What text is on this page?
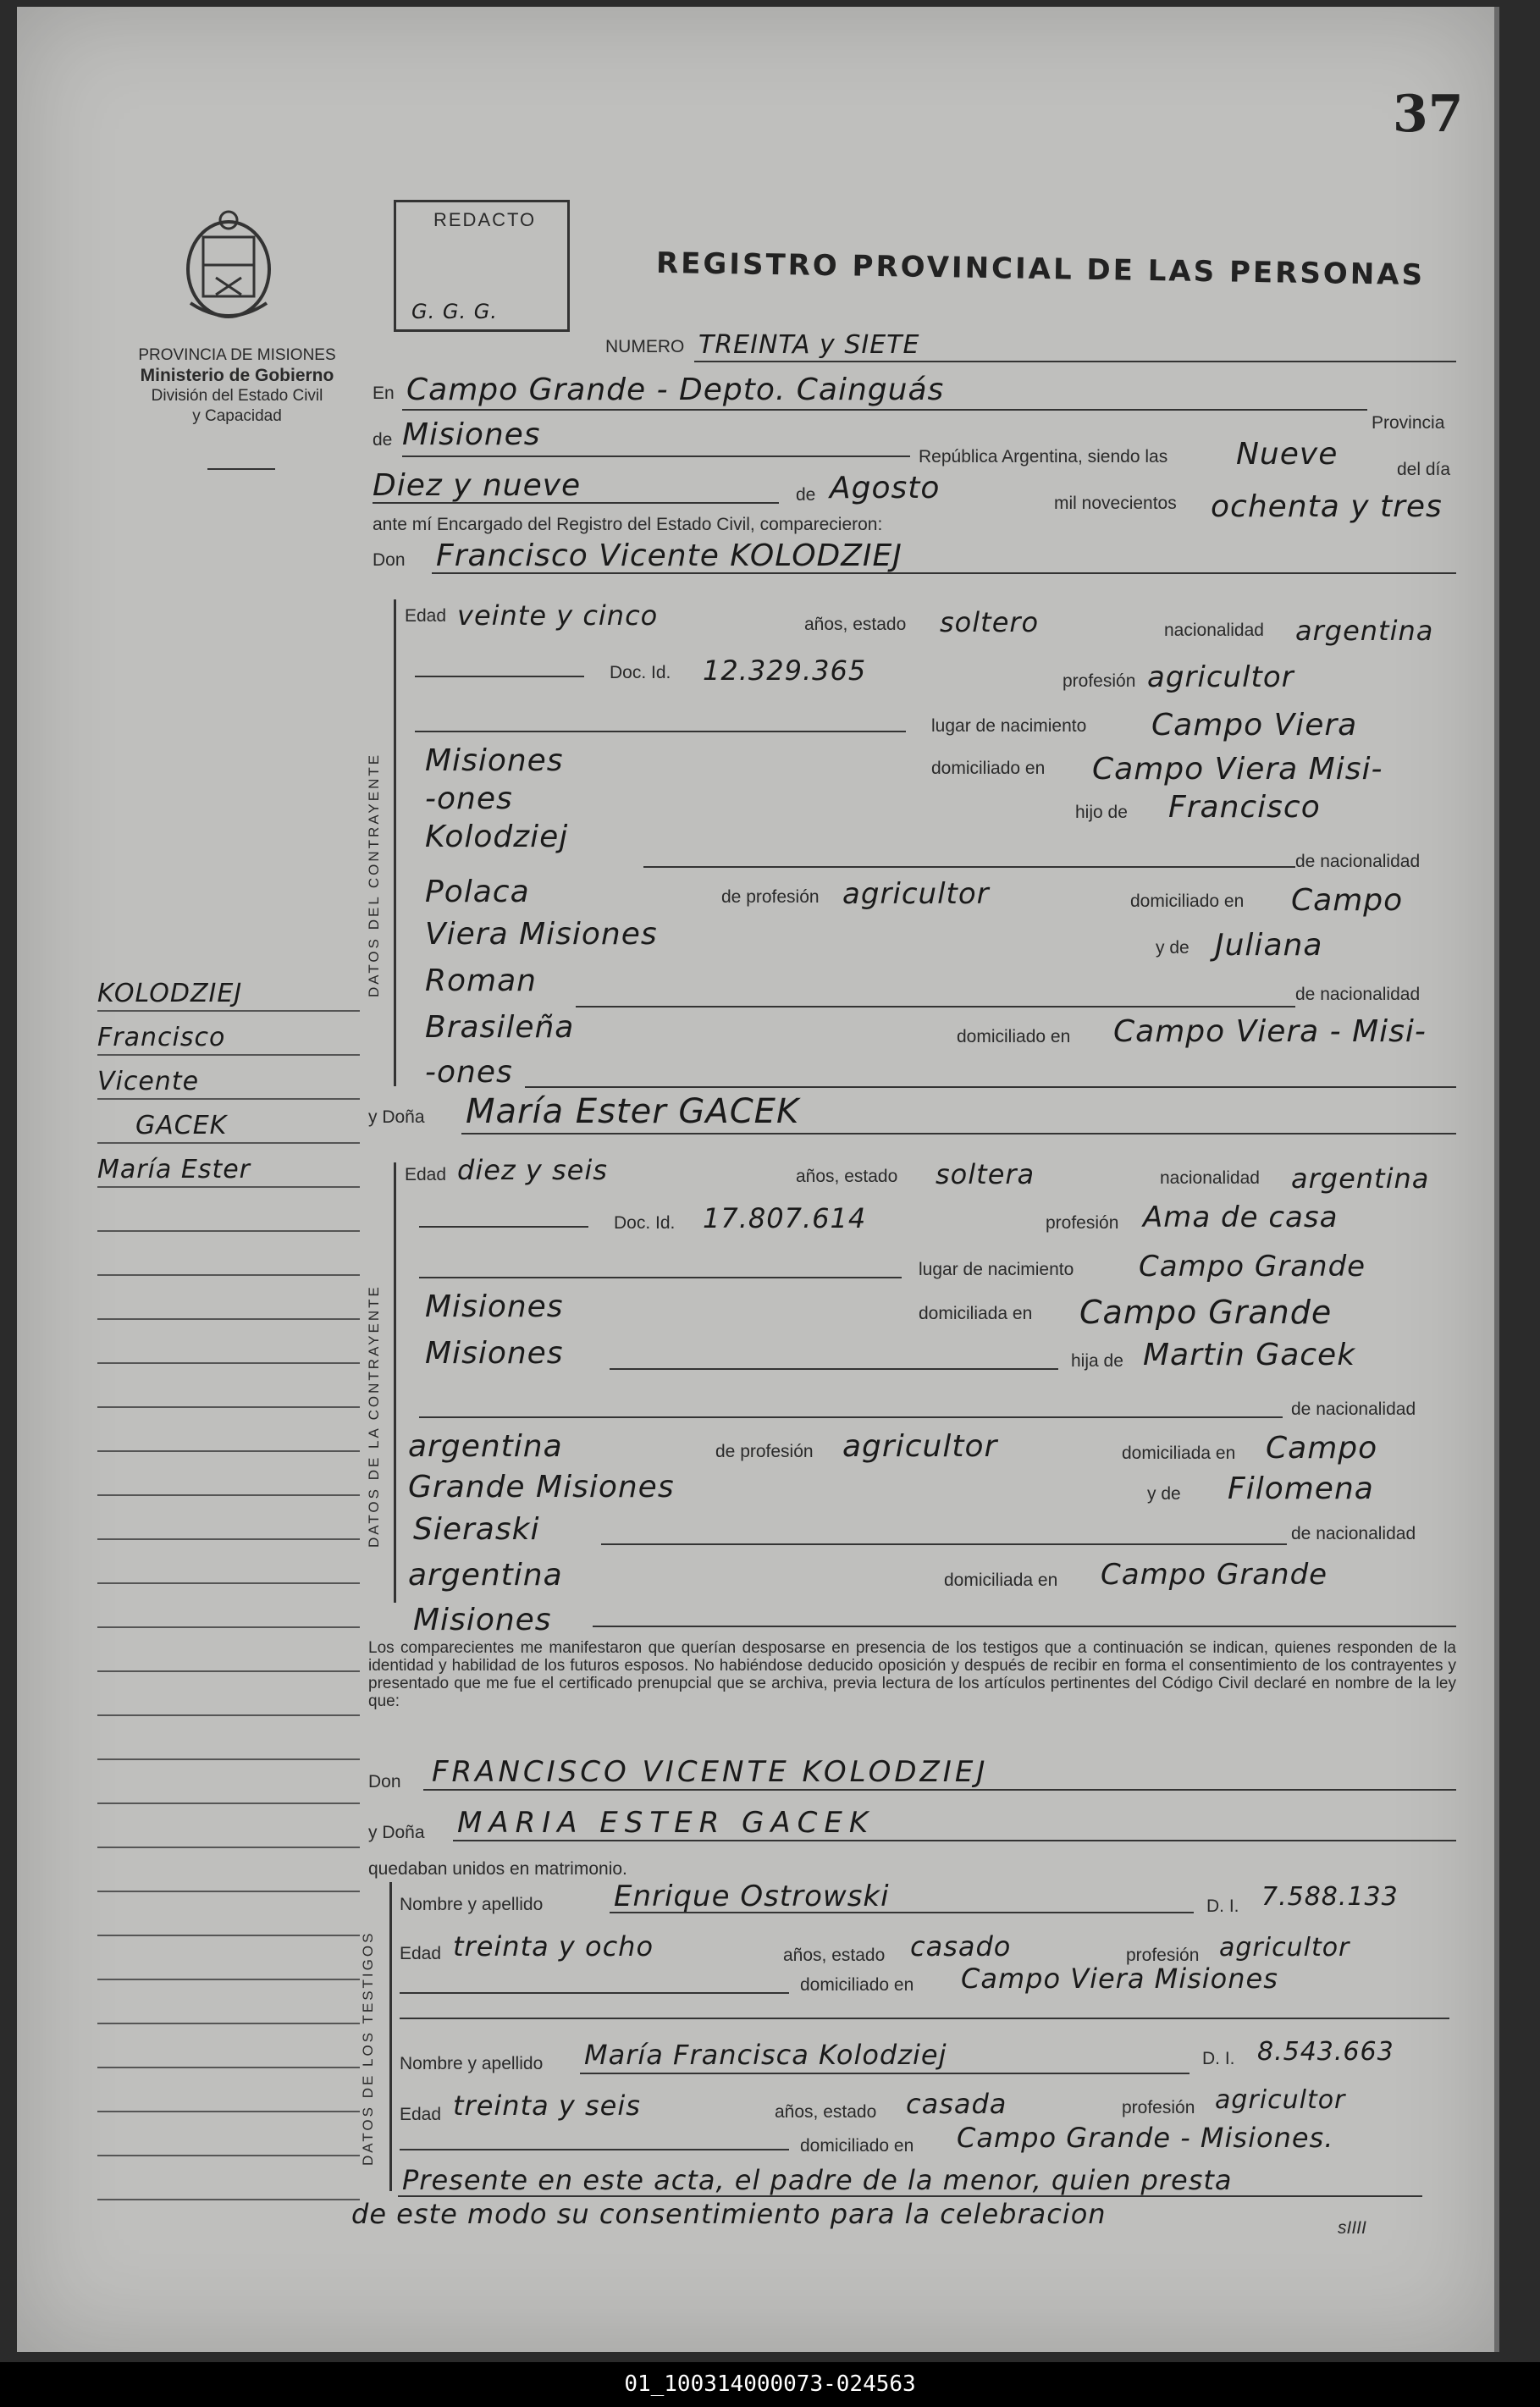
37
PROVINCIA DE MISIONES
Ministerio de Gobierno
División del Estado Civil
y Capacidad
REDACTO
G. G. G.
REGISTRO PROVINCIAL DE LAS PERSONAS
NUMERO TREINTA y SIETE
En Campo Grande - Depto. Cainguás
Provincia
de Misiones
República Argentina, siendo las Nueve	del día
Diez y nueve	de Agosto	mil novecientos ochenta y tres
ante mí Encargado del Registro del Estado Civil, comparecieron:
Don Francisco Vicente KOLODZIEJ
DATOS DEL CONTRAYENTE
Edad veinte y cinco	años, estado soltero	nacionalidad argentina
Doc. Id. 12.329.365	profesión agricultor
lugar de nacimiento Campo Viera
Misiones	domiciliado en Campo Viera Misi-
-ones	hijo de Francisco
Kolodziej
de nacionalidad
Polaca	de profesión agricultor	domiciliado en Campo
Viera Misiones	y de Juliana
Roman	de nacionalidad
Brasileña	domiciliado en Campo Viera - Misi-
-ones
y Doña María Ester GACEK
DATOS DE LA CONTRAYENTE
Edad diez y seis	años, estado soltera	nacionalidad argentina
Doc. Id. 17.807.614	profesión Ama de casa
lugar de nacimiento Campo Grande
Misiones	domiciliada en Campo Grande
Misiones	hija de Martin Gacek
de nacionalidad
argentina	de profesión agricultor	domiciliada en Campo
Grande Misiones	y de Filomena
Sieraski	de nacionalidad
argentina	domiciliada en Campo Grande
Misiones
Los comparecientes me manifestaron que querían desposarse en presencia de los testigos que a continuación se indican, quienes responden de la identidad y habilidad de los futuros esposos. No habiéndose deducido oposición y después de recibir en forma el consentimiento de los contrayentes y presentado que me fue el certificado prenupcial que se archiva, previa lectura de los artículos pertinentes del Código Civil declaré en nombre de la ley que:
Don FRANCISCO VICENTE KOLODZIEJ
y Doña MARIA ESTER GACEK
quedaban unidos en matrimonio.
DATOS DE LOS TESTIGOS
Nombre y apellido Enrique Ostrowski	D. I. 7.588.133
Edad treinta y ocho	años, estado casado	profesión agricultor
domiciliado en Campo Viera Misiones
Nombre y apellido María Francisca Kolodziej	D. I. 8.543.663
Edad treinta y seis	años, estado casada	profesión agricultor
domiciliado en Campo Grande - Misiones.
Presente en este acta, el padre de la menor, quien presta
de este modo su consentimiento para la celebracion	sIIII
KOLODZIEJ
Francisco
Vicente
GACEK
María Ester
01_100314000073-024563
